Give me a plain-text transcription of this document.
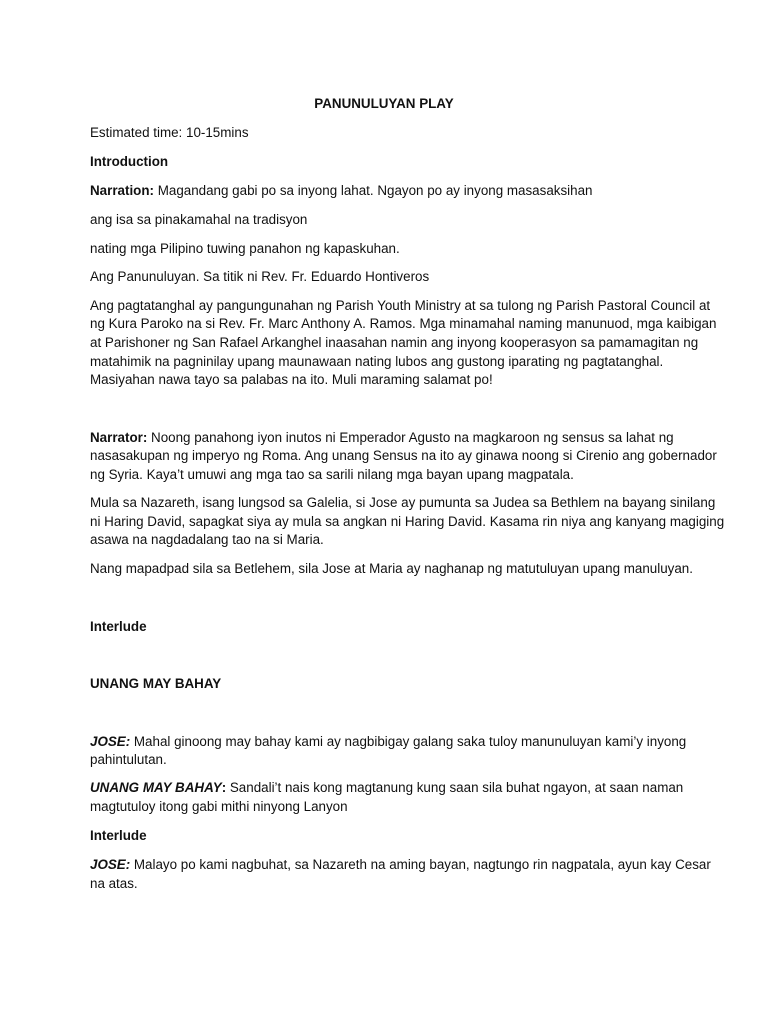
PANUNULUYAN PLAY

Estimated time: 10-15mins

Introduction

Narration: Magandang gabi po sa inyong lahat. Ngayon po ay inyong masasaksihan

ang isa sa pinakamahal na tradisyon

nating mga Pilipino tuwing panahon ng kapaskuhan.

Ang Panunuluyan. Sa titik ni Rev. Fr. Eduardo Hontiveros

Ang pagtatanghal ay pangungunahan ng Parish Youth Ministry at sa tulong ng Parish Pastoral Council at

ng Kura Paroko na si Rev. Fr. Marc Anthony A. Ramos. Mga minamahal naming manunuod, mga kaibigan

at Parishoner ng San Rafael Arkanghel inaasahan namin ang inyong kooperasyon sa pamamagitan ng

matahimik na pagninilay upang maunawaan nating lubos ang gustong iparating ng pagtatanghal.

Masiyahan nawa tayo sa palabas na ito. Muli maraming salamat po!

Narrator: Noong panahong iyon inutos ni Emperador Agusto na magkaroon ng sensus sa lahat ng

nasasakupan ng imperyo ng Roma. Ang unang Sensus na ito ay ginawa noong si Cirenio ang gobernador

ng Syria. Kaya’t umuwi ang mga tao sa sarili nilang mga bayan upang magpatala.

Mula sa Nazareth, isang lungsod sa Galelia, si Jose ay pumunta sa Judea sa Bethlem na bayang sinilang

ni Haring David, sapagkat siya ay mula sa angkan ni Haring David. Kasama rin niya ang kanyang magiging

asawa na nagdadalang tao na si Maria.

Nang mapadpad sila sa Betlehem, sila Jose at Maria ay naghanap ng matutuluyan upang manuluyan.

Interlude

UNANG MAY BAHAY

JOSE: Mahal ginoong may bahay kami ay nagbibigay galang saka tuloy manunuluyan kami’y inyong

pahintulutan.

UNANG MAY BAHAY: Sandali’t nais kong magtanung kung saan sila buhat ngayon, at saan naman

magtutuloy itong gabi mithi ninyong Lanyon

Interlude

JOSE: Malayo po kami nagbuhat, sa Nazareth na aming bayan, nagtungo rin nagpatala, ayun kay Cesar

na atas.
